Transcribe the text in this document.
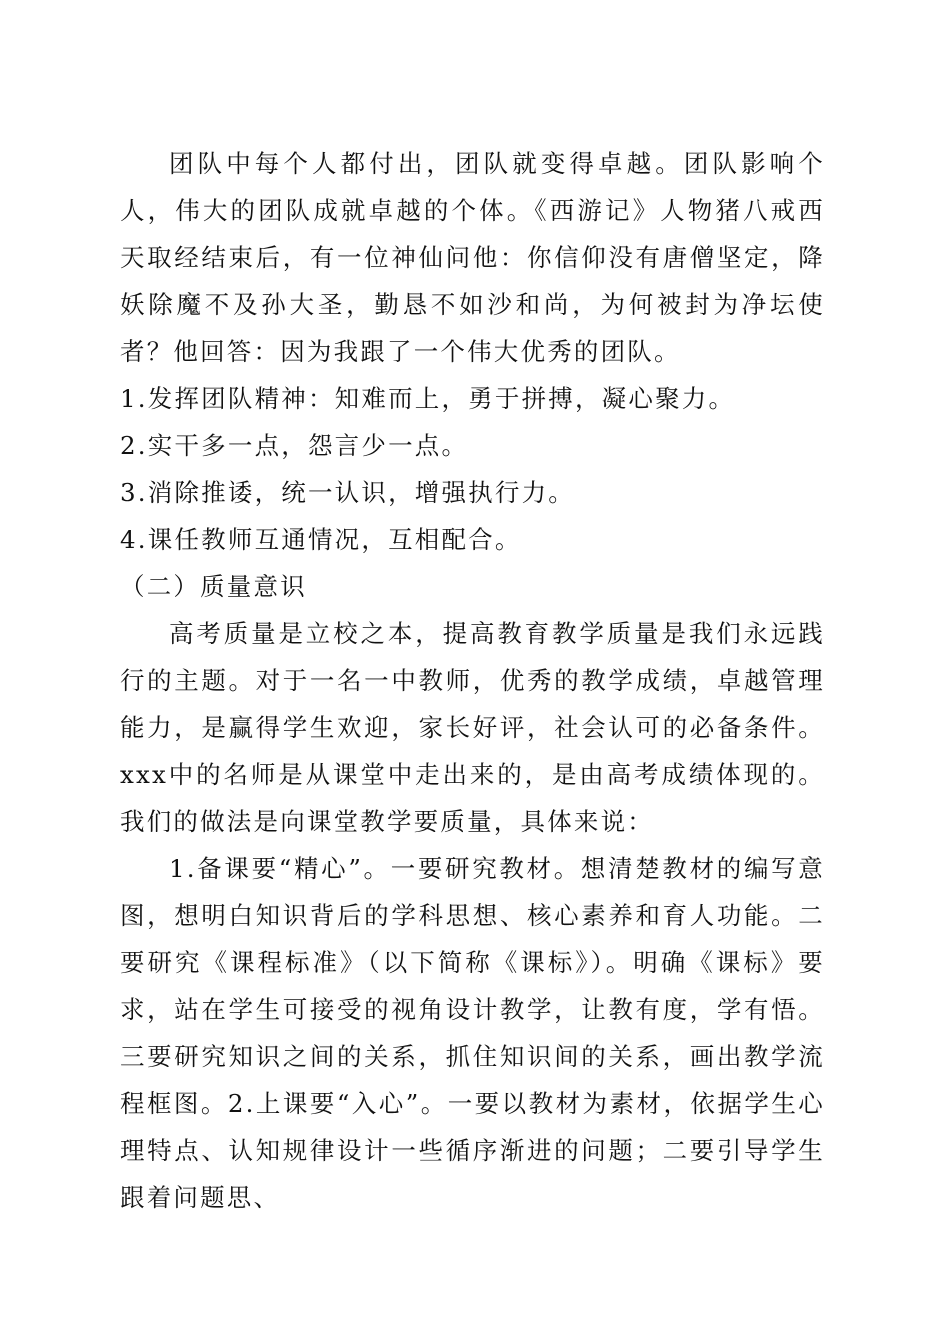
团队中每个人都付出，团队就变得卓越。团队影响个人，伟大的团队成就卓越的个体。《西游记》人物猪八戒西天取经结束后，有一位神仙问他：你信仰没有唐僧坚定，降妖除魔不及孙大圣，勤恳不如沙和尚，为何被封为净坛使者？他回答：因为我跟了一个伟大优秀的团队。

1.发挥团队精神：知难而上，勇于拼搏，凝心聚力。

2.实干多一点，怨言少一点。

3.消除推诿，统一认识，增强执行力。

4.课任教师互通情况，互相配合。

（二）质量意识

高考质量是立校之本，提高教育教学质量是我们永远践行的主题。对于一名一中教师，优秀的教学成绩，卓越管理能力，是赢得学生欢迎，家长好评，社会认可的必备条件。xxx中的名师是从课堂中走出来的，是由高考成绩体现的。我们的做法是向课堂教学要质量，具体来说：

1.备课要“精心”。一要研究教材。想清楚教材的编写意图，想明白知识背后的学科思想、核心素养和育人功能。二要研究《课程标准》（以下简称《课标》）。明确《课标》要求，站在学生可接受的视角设计教学，让教有度，学有悟。三要研究知识之间的关系，抓住知识间的关系，画出教学流程框图。2.上课要“入心”。一要以教材为素材，依据学生心理特点、认知规律设计一些循序渐进的问题；二要引导学生跟着问题思、
